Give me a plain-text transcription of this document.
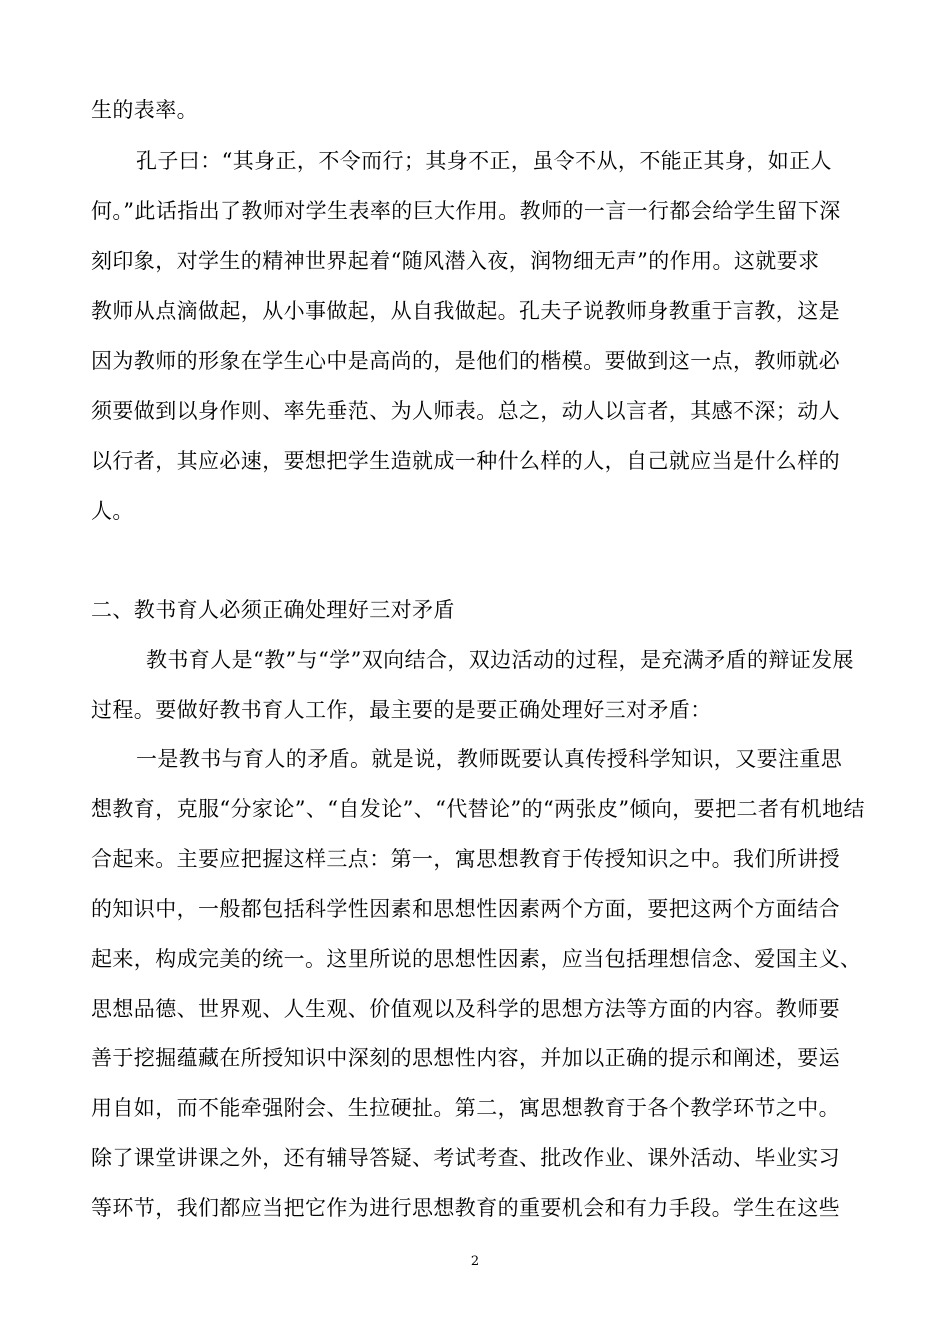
生的表率。
孔子曰：“其身正，不令而行；其身不正，虽令不从，不能正其身，如正人
何。”此话指出了教师对学生表率的巨大作用。教师的一言一行都会给学生留下深
刻印象，对学生的精神世界起着“随风潜入夜，润物细无声”的作用。这就要求
教师从点滴做起，从小事做起，从自我做起。孔夫子说教师身教重于言教，这是
因为教师的形象在学生心中是高尚的，是他们的楷模。要做到这一点，教师就必
须要做到以身作则、率先垂范、为人师表。总之，动人以言者，其感不深；动人
以行者，其应必速，要想把学生造就成一种什么样的人，自己就应当是什么样的
人。
二、教书育人必须正确处理好三对矛盾
教书育人是“教”与“学”双向结合，双边活动的过程，是充满矛盾的辩证发展
过程。要做好教书育人工作，最主要的是要正确处理好三对矛盾：
一是教书与育人的矛盾。就是说，教师既要认真传授科学知识，又要注重思
想教育，克服“分家论”、“自发论”、“代替论”的“两张皮”倾向，要把二者有机地结
合起来。主要应把握这样三点：第一，寓思想教育于传授知识之中。我们所讲授
的知识中，一般都包括科学性因素和思想性因素两个方面，要把这两个方面结合
起来，构成完美的统一。这里所说的思想性因素，应当包括理想信念、爱国主义、
思想品德、世界观、人生观、价值观以及科学的思想方法等方面的内容。教师要
善于挖掘蕴藏在所授知识中深刻的思想性内容，并加以正确的提示和阐述，要运
用自如，而不能牵强附会、生拉硬扯。第二，寓思想教育于各个教学环节之中。
除了课堂讲课之外，还有辅导答疑、考试考查、批改作业、课外活动、毕业实习
等环节，我们都应当把它作为进行思想教育的重要机会和有力手段。学生在这些
2
